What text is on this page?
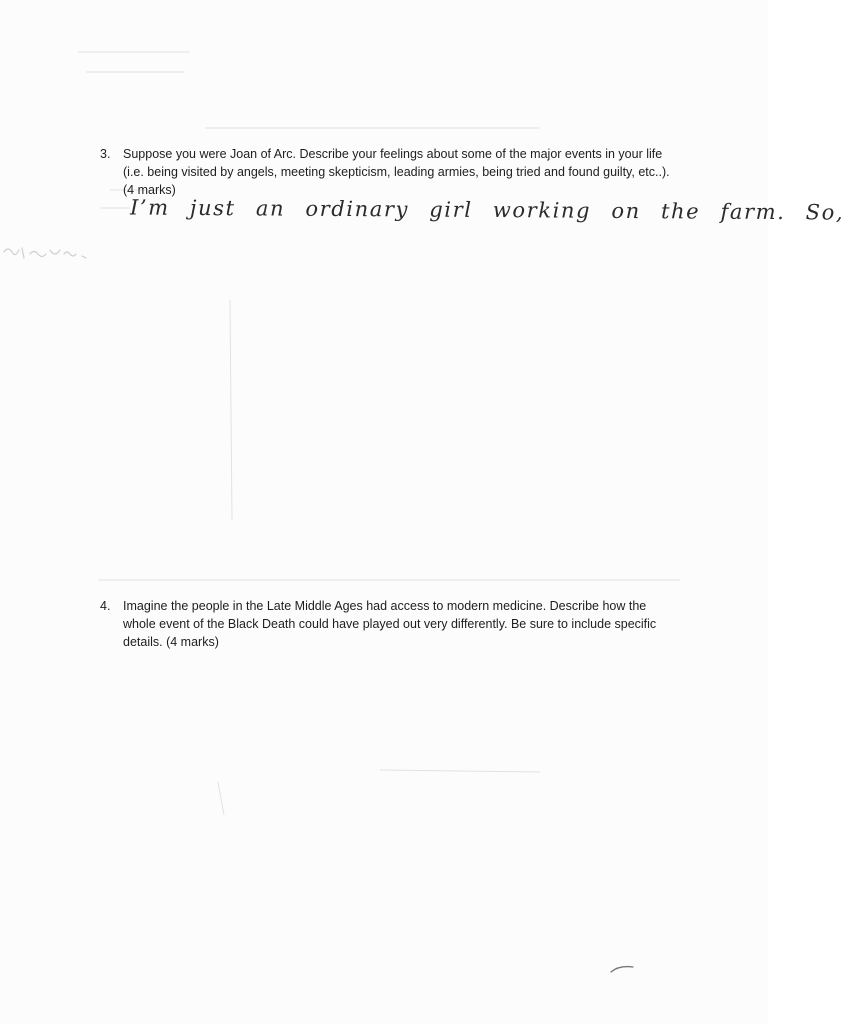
3.	Suppose you were Joan of Arc. Describe your feelings about some of the major events in your life (i.e. being visited by angels, meeting skepticism, leading armies, being tried and found guilty, etc..). (4 marks)
I’m just an ordinary girl working on the farm. So,
4.	Imagine the people in the Late Middle Ages had access to modern medicine. Describe how the whole event of the Black Death could have played out very differently. Be sure to include specific details. (4 marks)
